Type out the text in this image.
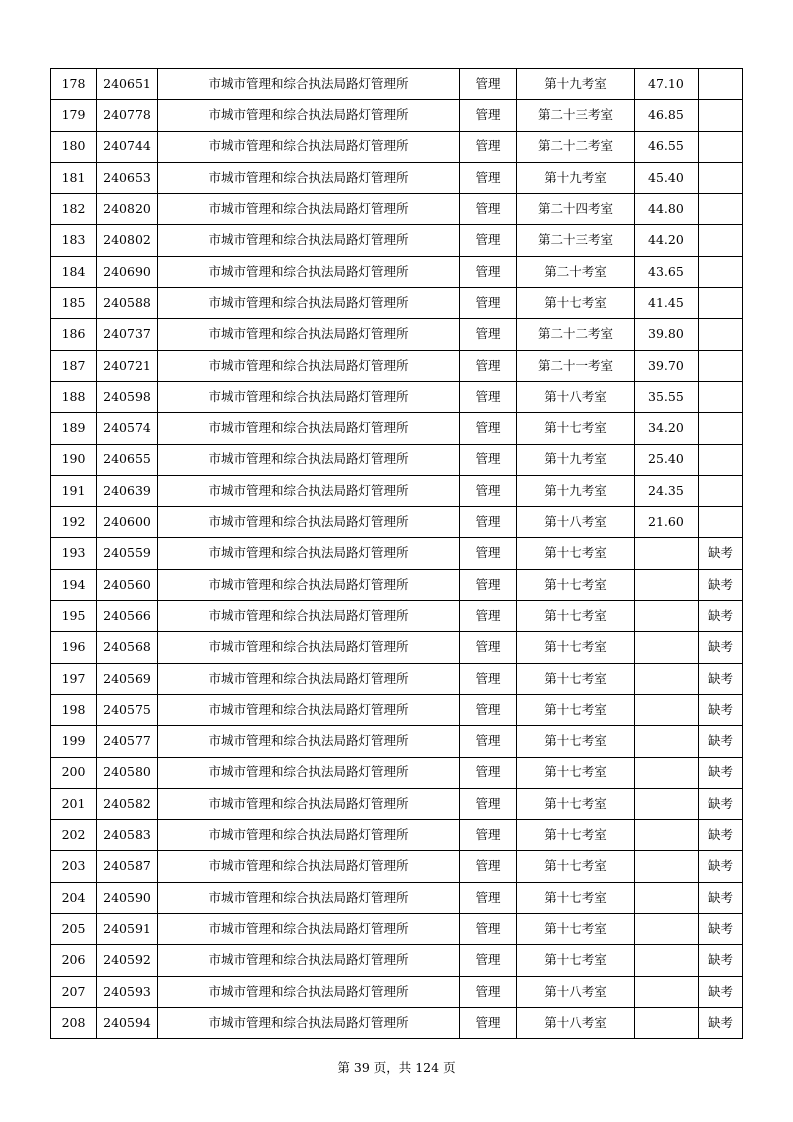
178	240651	市城市管理和综合执法局路灯管理所	管理	第十九考室	47.10	
179	240778	市城市管理和综合执法局路灯管理所	管理	第二十三考室	46.85	
180	240744	市城市管理和综合执法局路灯管理所	管理	第二十二考室	46.55	
181	240653	市城市管理和综合执法局路灯管理所	管理	第十九考室	45.40	
182	240820	市城市管理和综合执法局路灯管理所	管理	第二十四考室	44.80	
183	240802	市城市管理和综合执法局路灯管理所	管理	第二十三考室	44.20	
184	240690	市城市管理和综合执法局路灯管理所	管理	第二十考室	43.65	
185	240588	市城市管理和综合执法局路灯管理所	管理	第十七考室	41.45	
186	240737	市城市管理和综合执法局路灯管理所	管理	第二十二考室	39.80	
187	240721	市城市管理和综合执法局路灯管理所	管理	第二十一考室	39.70	
188	240598	市城市管理和综合执法局路灯管理所	管理	第十八考室	35.55	
189	240574	市城市管理和综合执法局路灯管理所	管理	第十七考室	34.20	
190	240655	市城市管理和综合执法局路灯管理所	管理	第十九考室	25.40	
191	240639	市城市管理和综合执法局路灯管理所	管理	第十九考室	24.35	
192	240600	市城市管理和综合执法局路灯管理所	管理	第十八考室	21.60	
193	240559	市城市管理和综合执法局路灯管理所	管理	第十七考室		缺考
194	240560	市城市管理和综合执法局路灯管理所	管理	第十七考室		缺考
195	240566	市城市管理和综合执法局路灯管理所	管理	第十七考室		缺考
196	240568	市城市管理和综合执法局路灯管理所	管理	第十七考室		缺考
197	240569	市城市管理和综合执法局路灯管理所	管理	第十七考室		缺考
198	240575	市城市管理和综合执法局路灯管理所	管理	第十七考室		缺考
199	240577	市城市管理和综合执法局路灯管理所	管理	第十七考室		缺考
200	240580	市城市管理和综合执法局路灯管理所	管理	第十七考室		缺考
201	240582	市城市管理和综合执法局路灯管理所	管理	第十七考室		缺考
202	240583	市城市管理和综合执法局路灯管理所	管理	第十七考室		缺考
203	240587	市城市管理和综合执法局路灯管理所	管理	第十七考室		缺考
204	240590	市城市管理和综合执法局路灯管理所	管理	第十七考室		缺考
205	240591	市城市管理和综合执法局路灯管理所	管理	第十七考室		缺考
206	240592	市城市管理和综合执法局路灯管理所	管理	第十七考室		缺考
207	240593	市城市管理和综合执法局路灯管理所	管理	第十八考室		缺考
208	240594	市城市管理和综合执法局路灯管理所	管理	第十八考室		缺考
第 39 页，共 124 页
